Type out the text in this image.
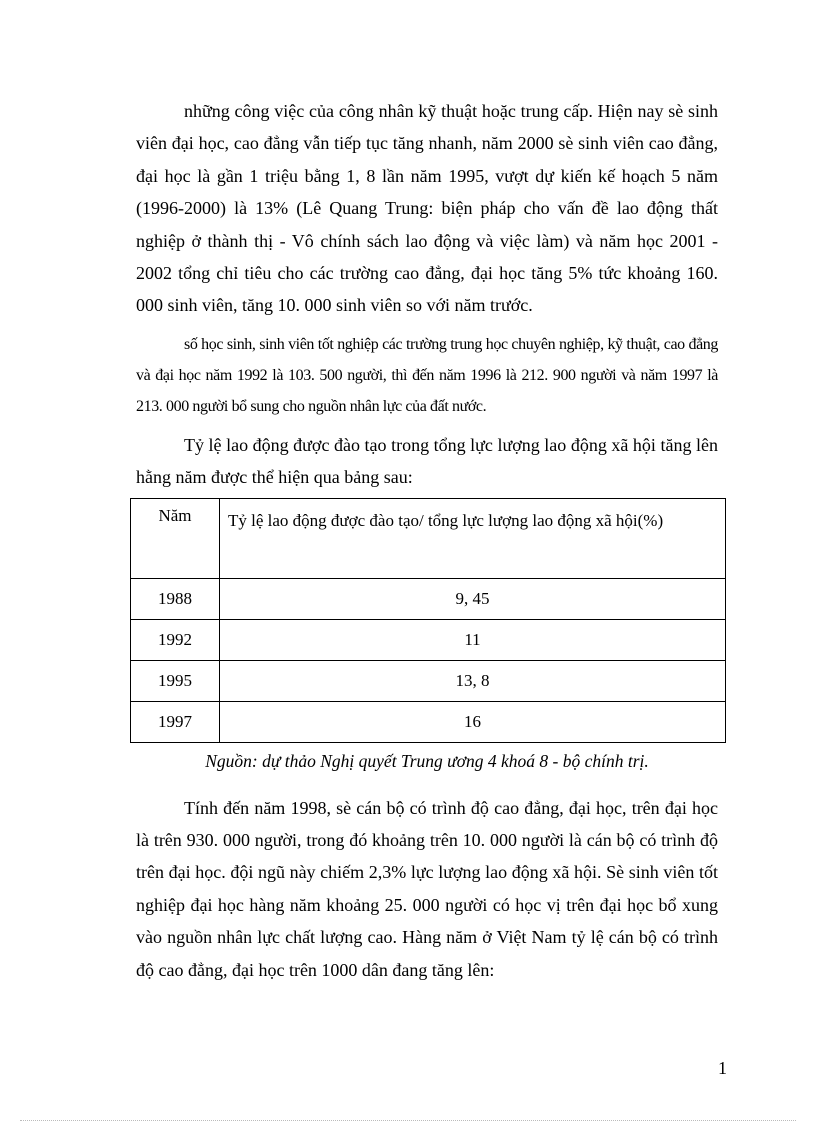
những công việc của công nhân kỹ thuật hoặc trung cấp. Hiện nay sè sinh viên đại học, cao đẳng vẫn tiếp tục tăng nhanh, năm 2000 sè sinh viên cao đẳng, đại học là gần 1 triệu bằng 1, 8 lần năm 1995, vượt dự kiến kế hoạch 5 năm (1996-2000) là 13% (Lê Quang Trung: biện pháp cho vấn đề lao động thất nghiệp ở thành thị - Vô chính sách lao động và việc làm) và năm học 2001 - 2002 tổng chỉ tiêu cho các trường cao đẳng, đại học tăng 5% tức khoảng 160. 000 sinh viên, tăng 10. 000 sinh viên so với năm trước.

số học sinh, sinh viên tốt nghiệp các trường trung học chuyên nghiệp, kỹ thuật, cao đẳng và đại học năm 1992 là 103. 500 người, thì đến năm 1996 là 212. 900 người và năm 1997 là 213. 000 người bổ sung cho nguồn nhân lực của đất nước.

Tỷ lệ lao động được đào tạo trong tổng lực lượng lao động xã hội tăng lên hằng năm được thể hiện qua bảng sau:

Năm	Tỷ lệ lao động được đào tạo/ tổng lực lượng lao động xã hội(%)
1988	9, 45
1992	11
1995	13, 8
1997	16
Nguồn: dự thảo Nghị quyết Trung ương 4 khoá 8 - bộ chính trị.

Tính đến năm 1998, sè cán bộ có trình độ cao đẳng, đại học, trên đại học là trên 930. 000 người, trong đó khoảng trên 10. 000 người là cán bộ có trình độ trên đại học. đội ngũ này chiếm 2,3% lực lượng lao động xã hội. Sè sinh viên tốt nghiệp đại học hàng năm khoảng 25. 000 người có học vị trên đại học bổ xung vào nguồn nhân lực chất lượng cao. Hàng năm ở Việt Nam tỷ lệ cán bộ có trình độ cao đẳng, đại học trên 1000 dân đang tăng lên:

1
